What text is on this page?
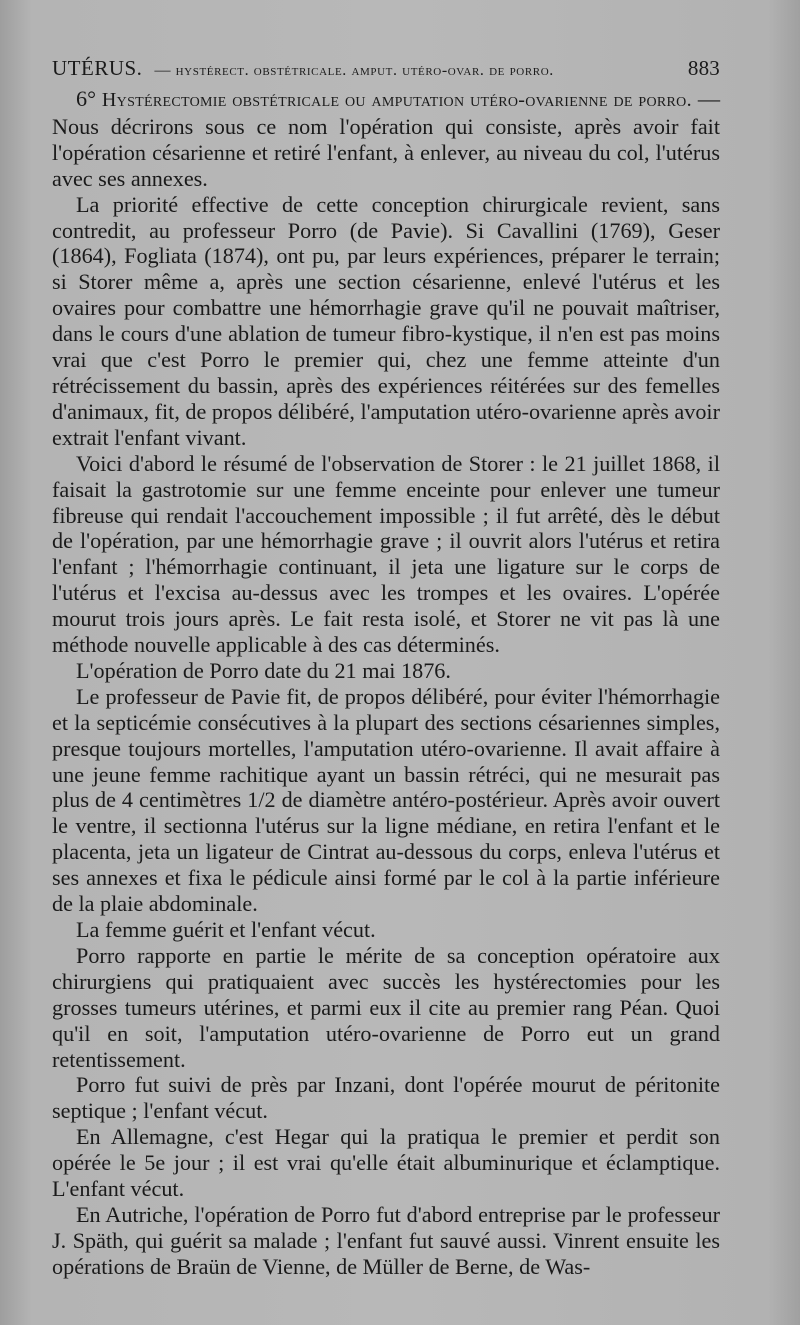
UTÉRUS. — hystérect. obstétricale. amput. utéro-ovar. de porro.	883

6° Hystérectomie obstétricale ou amputation utéro-ovarienne de porro. — Nous décrirons sous ce nom l'opération qui consiste, après avoir fait l'opération césarienne et retiré l'enfant, à enlever, au niveau du col, l'utérus avec ses annexes.

La priorité effective de cette conception chirurgicale revient, sans contredit, au professeur Porro (de Pavie). Si Cavallini (1769), Geser (1864), Fogliata (1874), ont pu, par leurs expériences, préparer le terrain; si Storer même a, après une section césarienne, enlevé l'utérus et les ovaires pour combattre une hémorrhagie grave qu'il ne pouvait maîtriser, dans le cours d'une ablation de tumeur fibro-kystique, il n'en est pas moins vrai que c'est Porro le premier qui, chez une femme atteinte d'un rétrécissement du bassin, après des expériences réitérées sur des femelles d'animaux, fit, de propos délibéré, l'amputation utéro-ovarienne après avoir extrait l'enfant vivant.

Voici d'abord le résumé de l'observation de Storer : le 21 juillet 1868, il faisait la gastrotomie sur une femme enceinte pour enlever une tumeur fibreuse qui rendait l'accouchement impossible ; il fut arrêté, dès le début de l'opération, par une hémorrhagie grave ; il ouvrit alors l'utérus et retira l'enfant ; l'hémorrhagie continuant, il jeta une ligature sur le corps de l'utérus et l'excisa au-dessus avec les trompes et les ovaires. L'opérée mourut trois jours après. Le fait resta isolé, et Storer ne vit pas là une méthode nouvelle applicable à des cas déterminés.

L'opération de Porro date du 21 mai 1876.

Le professeur de Pavie fit, de propos délibéré, pour éviter l'hémorrhagie et la septicémie consécutives à la plupart des sections césariennes simples, presque toujours mortelles, l'amputation utéro-ovarienne. Il avait affaire à une jeune femme rachitique ayant un bassin rétréci, qui ne mesurait pas plus de 4 centimètres 1/2 de diamètre antéro-postérieur. Après avoir ouvert le ventre, il sectionna l'utérus sur la ligne médiane, en retira l'enfant et le placenta, jeta un ligateur de Cintrat au-dessous du corps, enleva l'utérus et ses annexes et fixa le pédicule ainsi formé par le col à la partie inférieure de la plaie abdominale.

La femme guérit et l'enfant vécut.

Porro rapporte en partie le mérite de sa conception opératoire aux chirurgiens qui pratiquaient avec succès les hystérectomies pour les grosses tumeurs utérines, et parmi eux il cite au premier rang Péan. Quoi qu'il en soit, l'amputation utéro-ovarienne de Porro eut un grand retentissement.

Porro fut suivi de près par Inzani, dont l'opérée mourut de péritonite septique ; l'enfant vécut.

En Allemagne, c'est Hegar qui la pratiqua le premier et perdit son opérée le 5e jour ; il est vrai qu'elle était albuminurique et éclamptique. L'enfant vécut.

En Autriche, l'opération de Porro fut d'abord entreprise par le professeur J. Späth, qui guérit sa malade ; l'enfant fut sauvé aussi. Vinrent ensuite les opérations de Braün de Vienne, de Müller de Berne, de Was-
